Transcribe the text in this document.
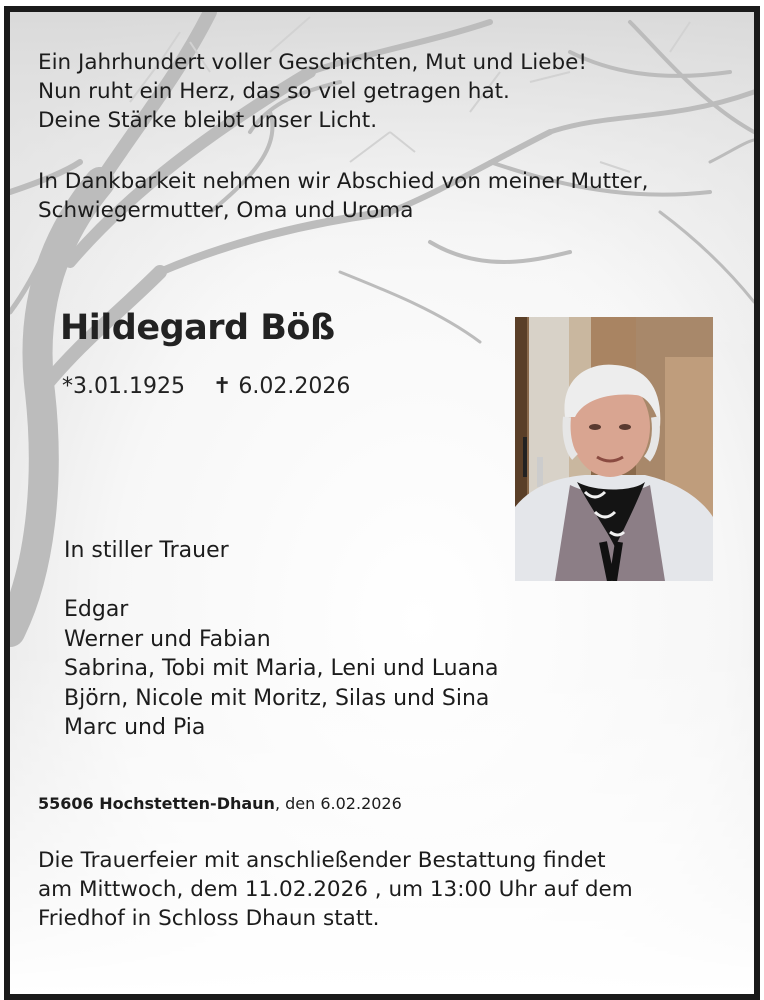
Ein Jahrhundert voller Geschichten, Mut und Liebe!
Nun ruht ein Herz, das so viel getragen hat.
Deine Stärke bleibt unser Licht.
In Dankbarkeit nehmen wir Abschied von meiner Mutter,
Schwiegermutter, Oma und Uroma
Hildegard Böß
*3.01.1925 ✝ 6.02.2026
In stiller Trauer
Edgar
Werner und Fabian
Sabrina, Tobi mit Maria, Leni und Luana
Björn, Nicole mit Moritz, Silas und Sina
Marc und Pia
55606 Hochstetten-Dhaun, den 6.02.2026
Die Trauerfeier mit anschließender Bestattung findet
am Mittwoch, dem 11.02.2026 , um 13:00 Uhr auf dem
Friedhof in Schloss Dhaun statt.
